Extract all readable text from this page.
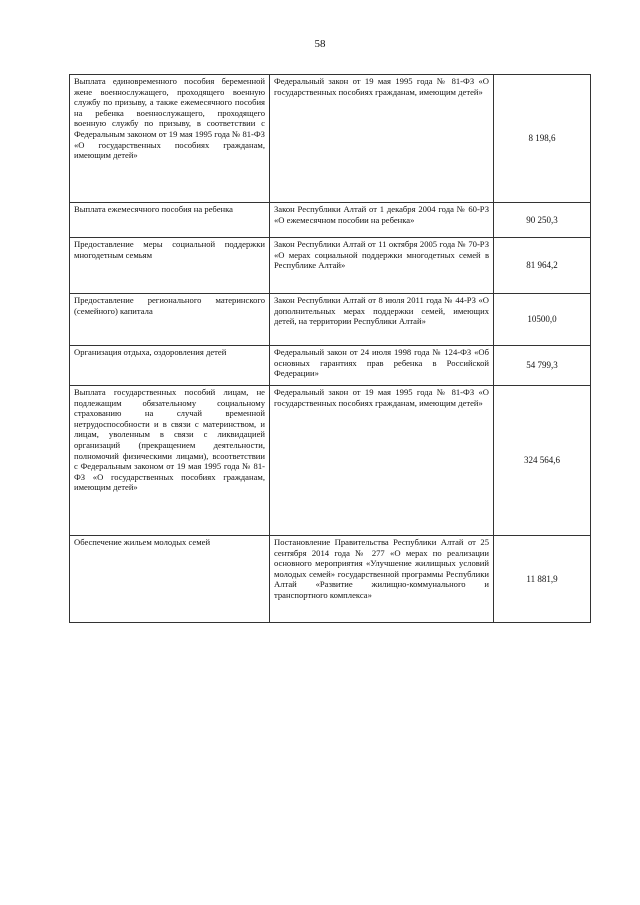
58
Выплата единовременного пособия беременной жене военнослужащего, проходящего военную службу по призыву, а также ежемесячного пособия на ребенка военнослужащего, проходящего военную службу по призыву, в соответствии с Федеральным законом от 19 мая 1995 года № 81-ФЗ «О государственных пособиях гражданам, имеющим детей»	Федеральный закон от 19 мая 1995 года № 81-ФЗ «О государственных пособиях гражданам, имеющим детей»	8 198,6
Выплата ежемесячного пособия на ребенка	Закон Республики Алтай от 1 декабря 2004 года № 60-РЗ «О ежемесячном пособии на ребенка»	90 250,3
Предоставление меры социальной поддержки многодетным семьям	Закон Республики Алтай от 11 октября 2005 года № 70-РЗ «О мерах социальной поддержки многодетных семей в Республике Алтай»	81 964,2
Предоставление регионального материнского (семейного) капитала	Закон Республики Алтай от 8 июля 2011 года № 44-РЗ «О дополнительных мерах поддержки семей, имеющих детей, на территории Республики Алтай»	10500,0
Организация отдыха, оздоровления детей	Федеральный закон от 24 июля 1998 года № 124-ФЗ «Об основных гарантиях прав ребенка в Российской Федерации»	54 799,3
Выплата государственных пособий лицам, не подлежащим обязательному социальному страхованию на случай временной нетрудоспособности и в связи с материнством, и лицам, уволенным в связи с ликвидацией организаций (прекращением деятельности, полномочий физическими лицами), всоответствии с Федеральным законом от 19 мая 1995 года № 81-ФЗ «О государственных пособиях гражданам, имеющим детей»	Федеральный закон от 19 мая 1995 года № 81-ФЗ «О государственных пособиях гражданам, имеющим детей»	324 564,6
Обеспечение жильем молодых семей	Постановление Правительства Республики Алтай от 25 сентября 2014 года № 277 «О мерах по реализации основного мероприятия «Улучшение жилищных условий молодых семей» государственной программы Республики Алтай «Развитие жилищно-коммунального и транспортного комплекса»	11 881,9
